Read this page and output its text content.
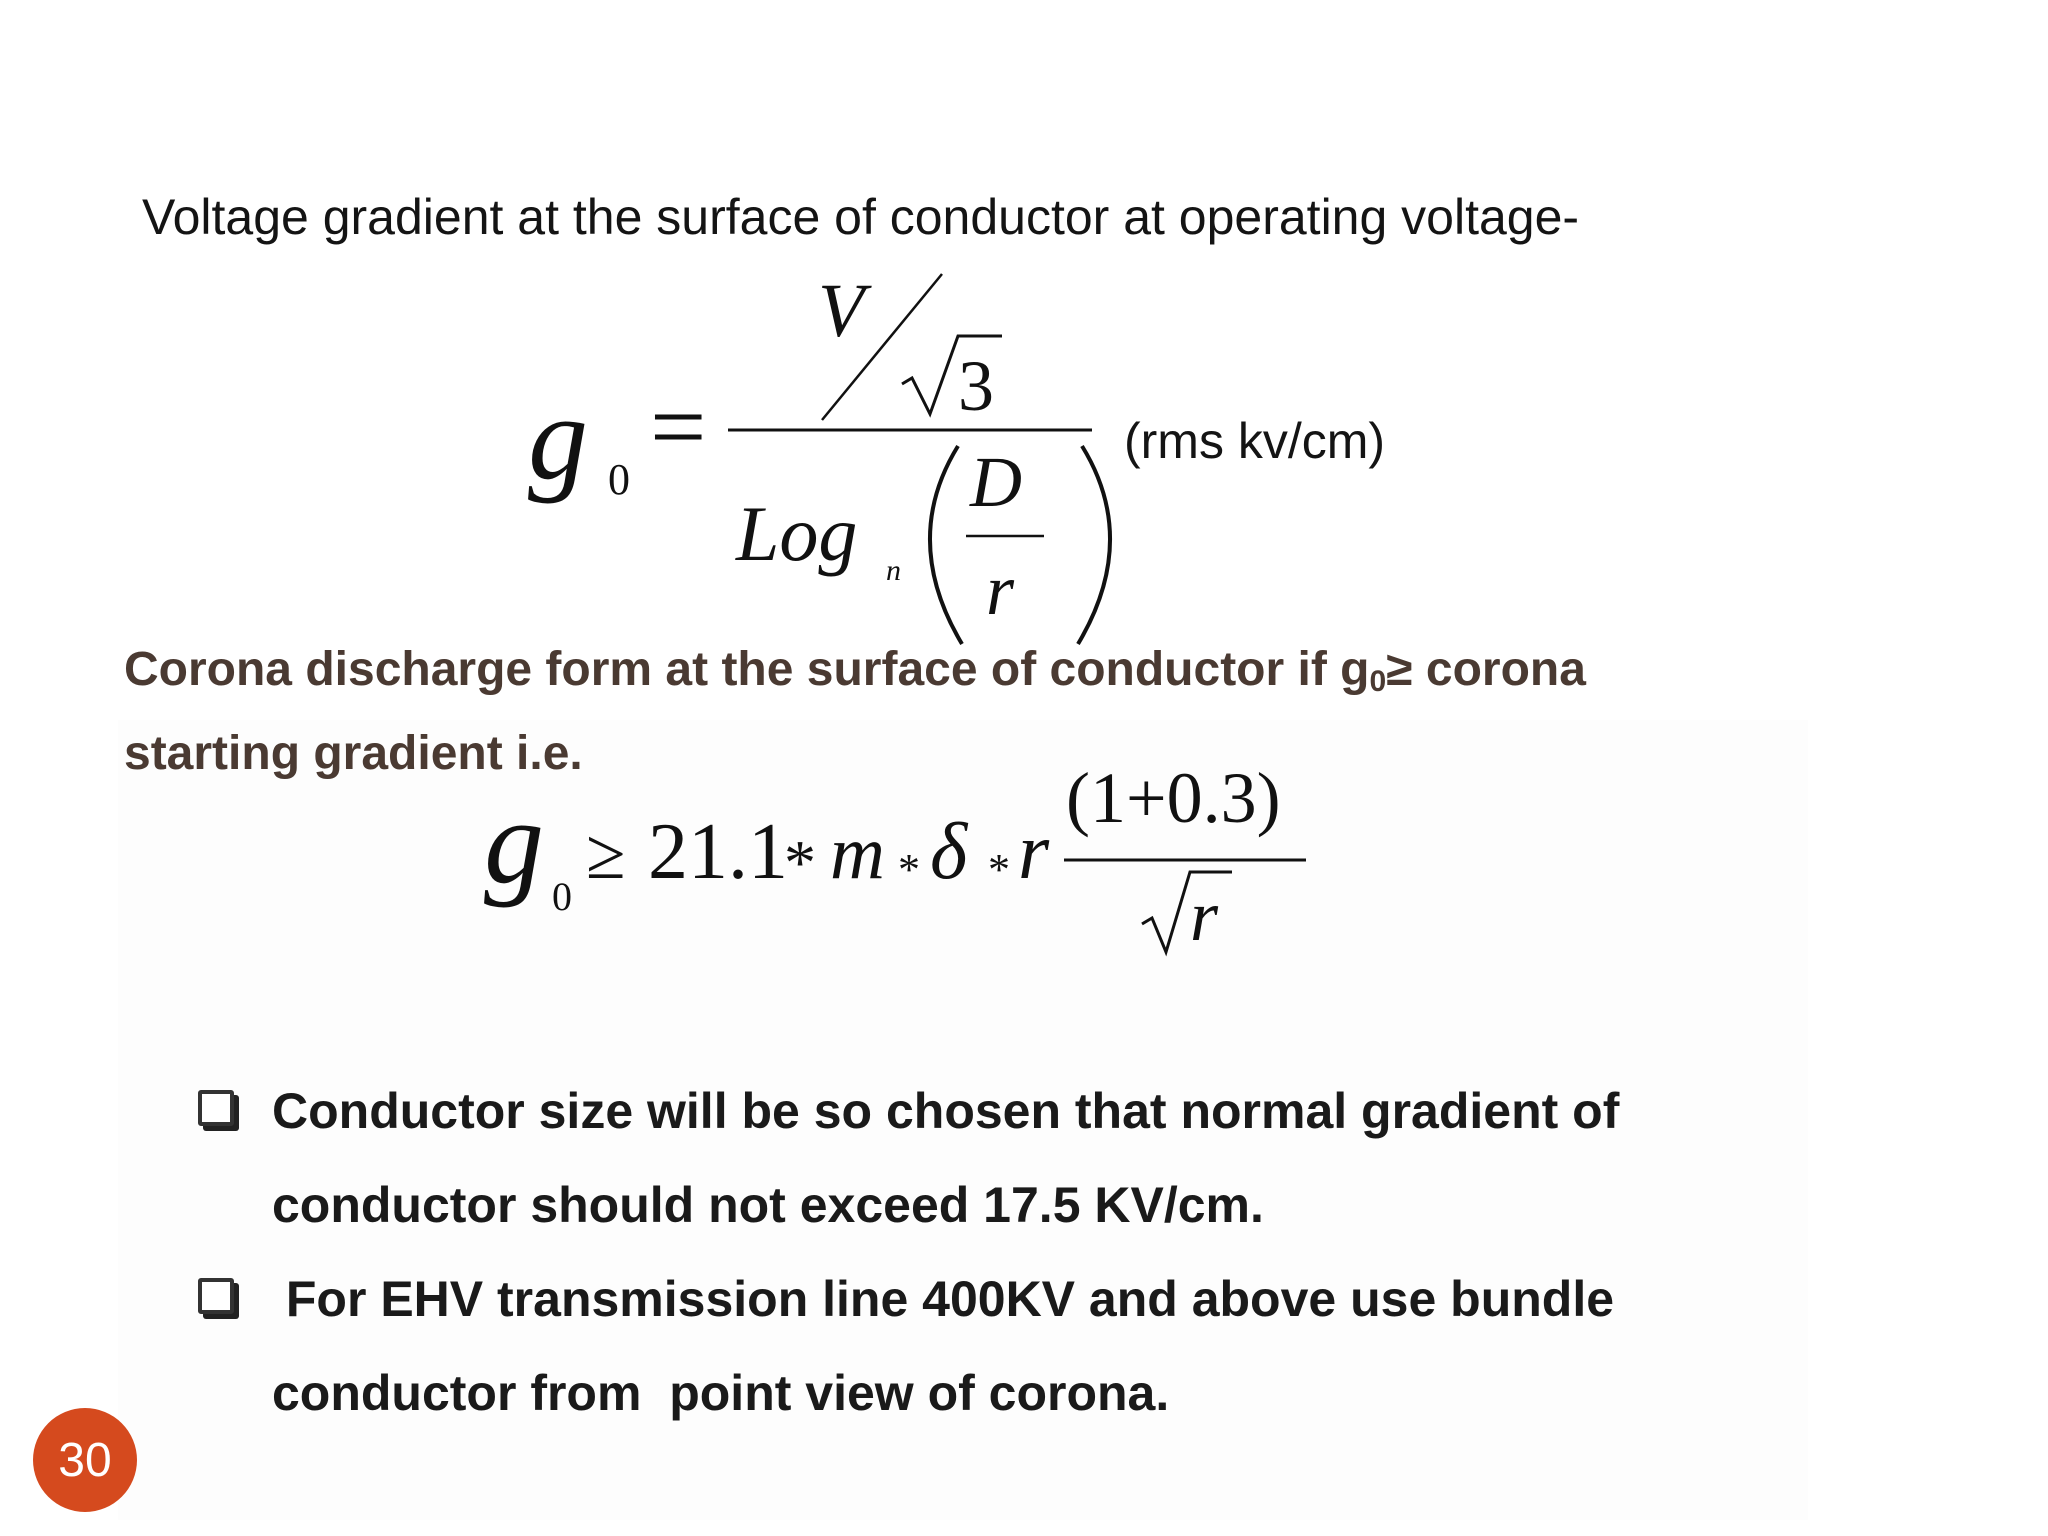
Voltage gradient at the surface of conductor at operating voltage-
g 0 =
V
3
Log n
D
r
(rms kv/cm)
Corona discharge form at the surface of conductor if $g_0\ge$ corona
starting gradient i.e.
g 0
≥ 21.1
* m * δ * r
(1+0.3)
r
Conductor size will be so chosen that normal gradient of
conductor should not exceed 17.5 KV/cm.
For EHV transmission line 400KV and above use bundle
conductor from  point view of corona.
30
